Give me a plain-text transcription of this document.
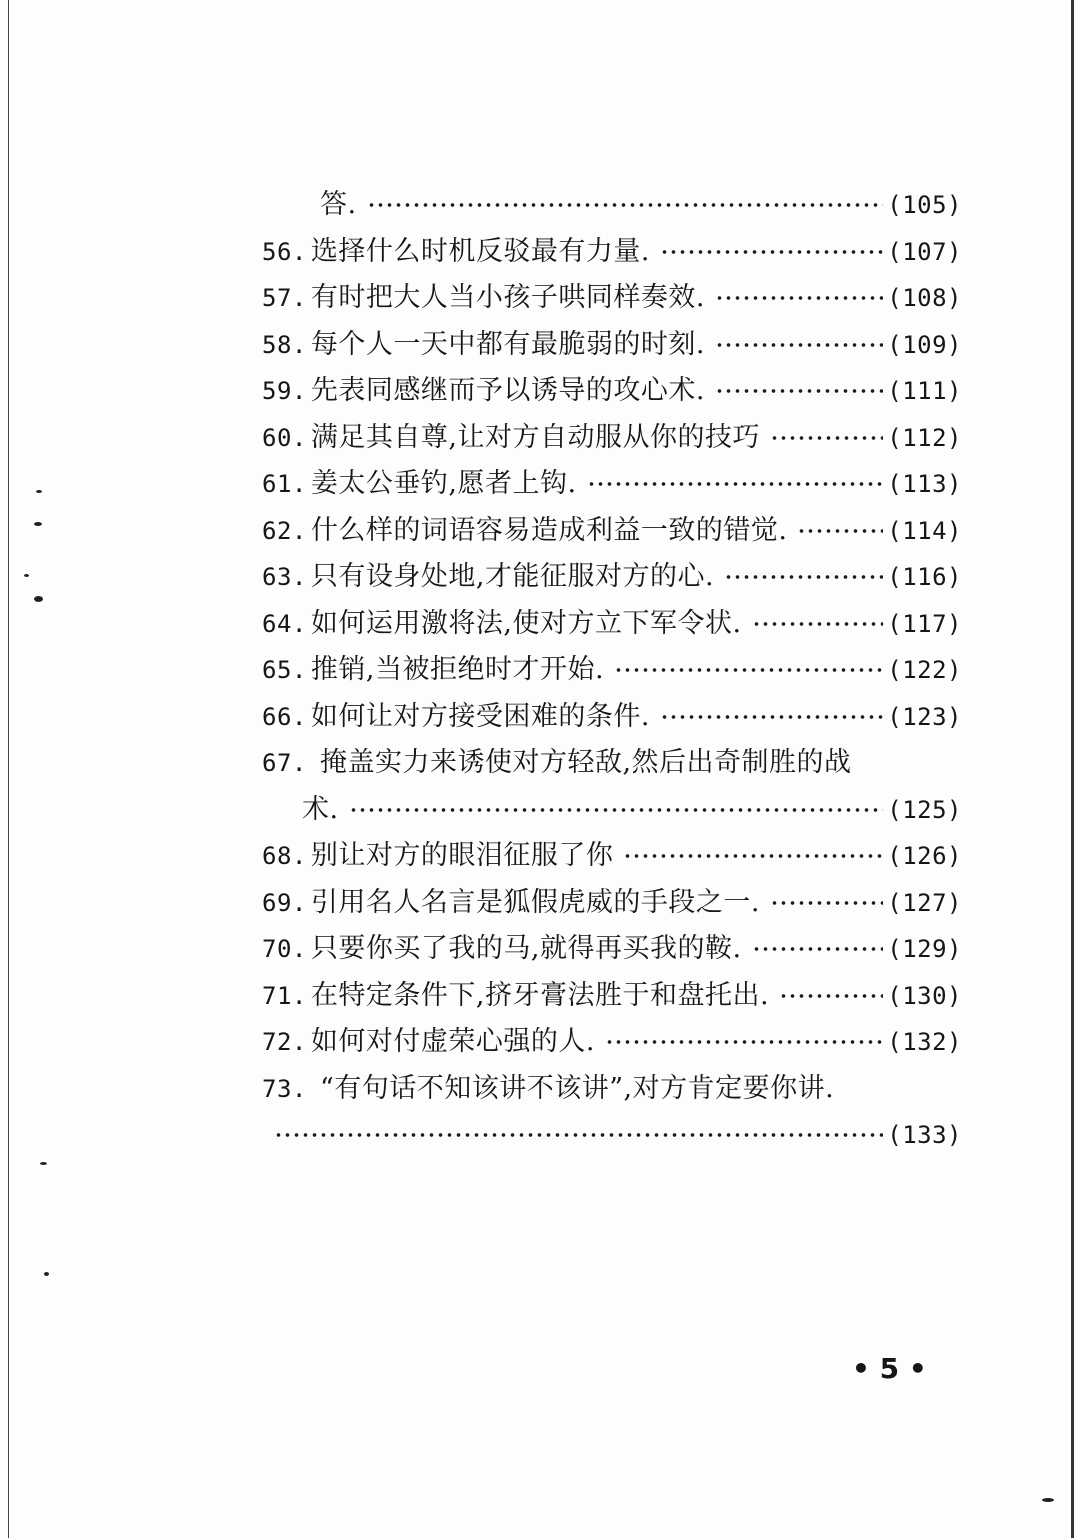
答.	(105)
56. 选择什么时机反驳最有力量.	(107)
57. 有时把大人当小孩子哄同样奏效.	(108)
58. 每个人一天中都有最脆弱的时刻.	(109)
59. 先表同感继而予以诱导的攻心术.	(111)
60. 满足其自尊,让对方自动服从你的技巧	(112)
61. 姜太公垂钓,愿者上钩.	(113)
62. 什么样的词语容易造成利益一致的错觉.	(114)
63. 只有设身处地,才能征服对方的心.	(116)
64. 如何运用激将法,使对方立下军令状.	(117)
65. 推销,当被拒绝时才开始.	(122)
66. 如何让对方接受困难的条件.	(123)
67. 掩盖实力来诱使对方轻敌,然后出奇制胜的战
术.	(125)
68. 别让对方的眼泪征服了你	(126)
69. 引用名人名言是狐假虎威的手段之一.	(127)
70. 只要你买了我的马,就得再买我的鞍.	(129)
71. 在特定条件下,挤牙膏法胜于和盘托出.	(130)
72. 如何对付虚荣心强的人.	(132)
73. “有句话不知该讲不该讲”,对方肯定要你讲.
(133)
• 5 •
